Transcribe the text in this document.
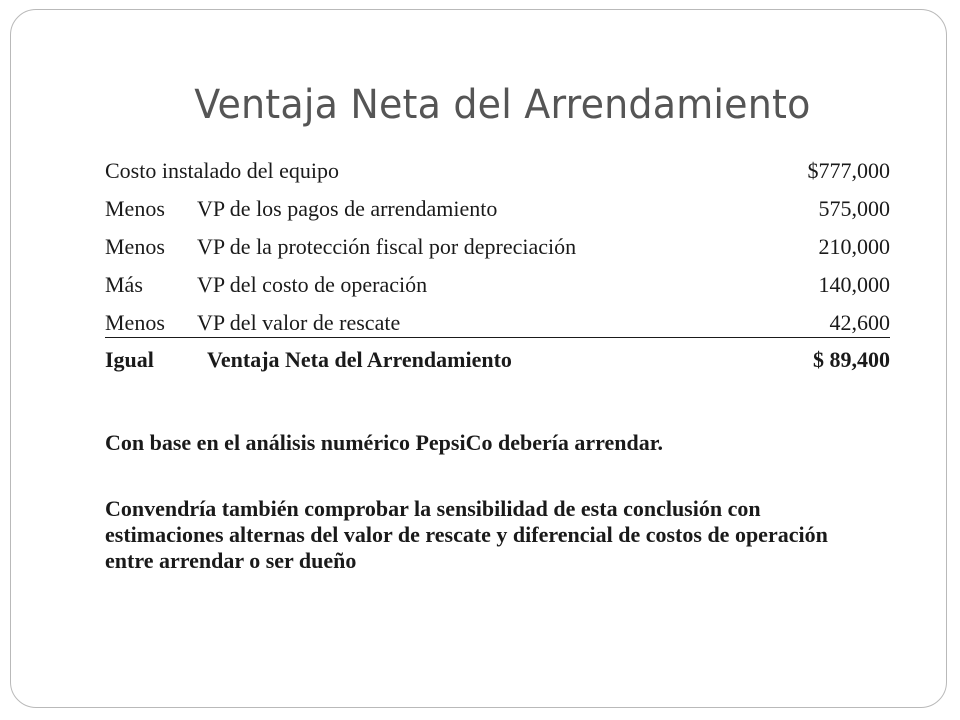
Ventaja Neta del Arrendamiento
Costo instalado del equipo	$777,000
Menos VP de los pagos de arrendamiento	575,000
Menos VP de la protección fiscal por depreciación	210,000
Más VP del costo de operación	140,000
Menos VP del valor de rescate	42,600
Igual Ventaja Neta del Arrendamiento	$ 89,400
Con base en el análisis numérico PepsiCo debería arrendar.
Convendría también comprobar la sensibilidad de esta conclusión con estimaciones alternas del valor de rescate y diferencial de costos de operación entre arrendar o ser dueño
